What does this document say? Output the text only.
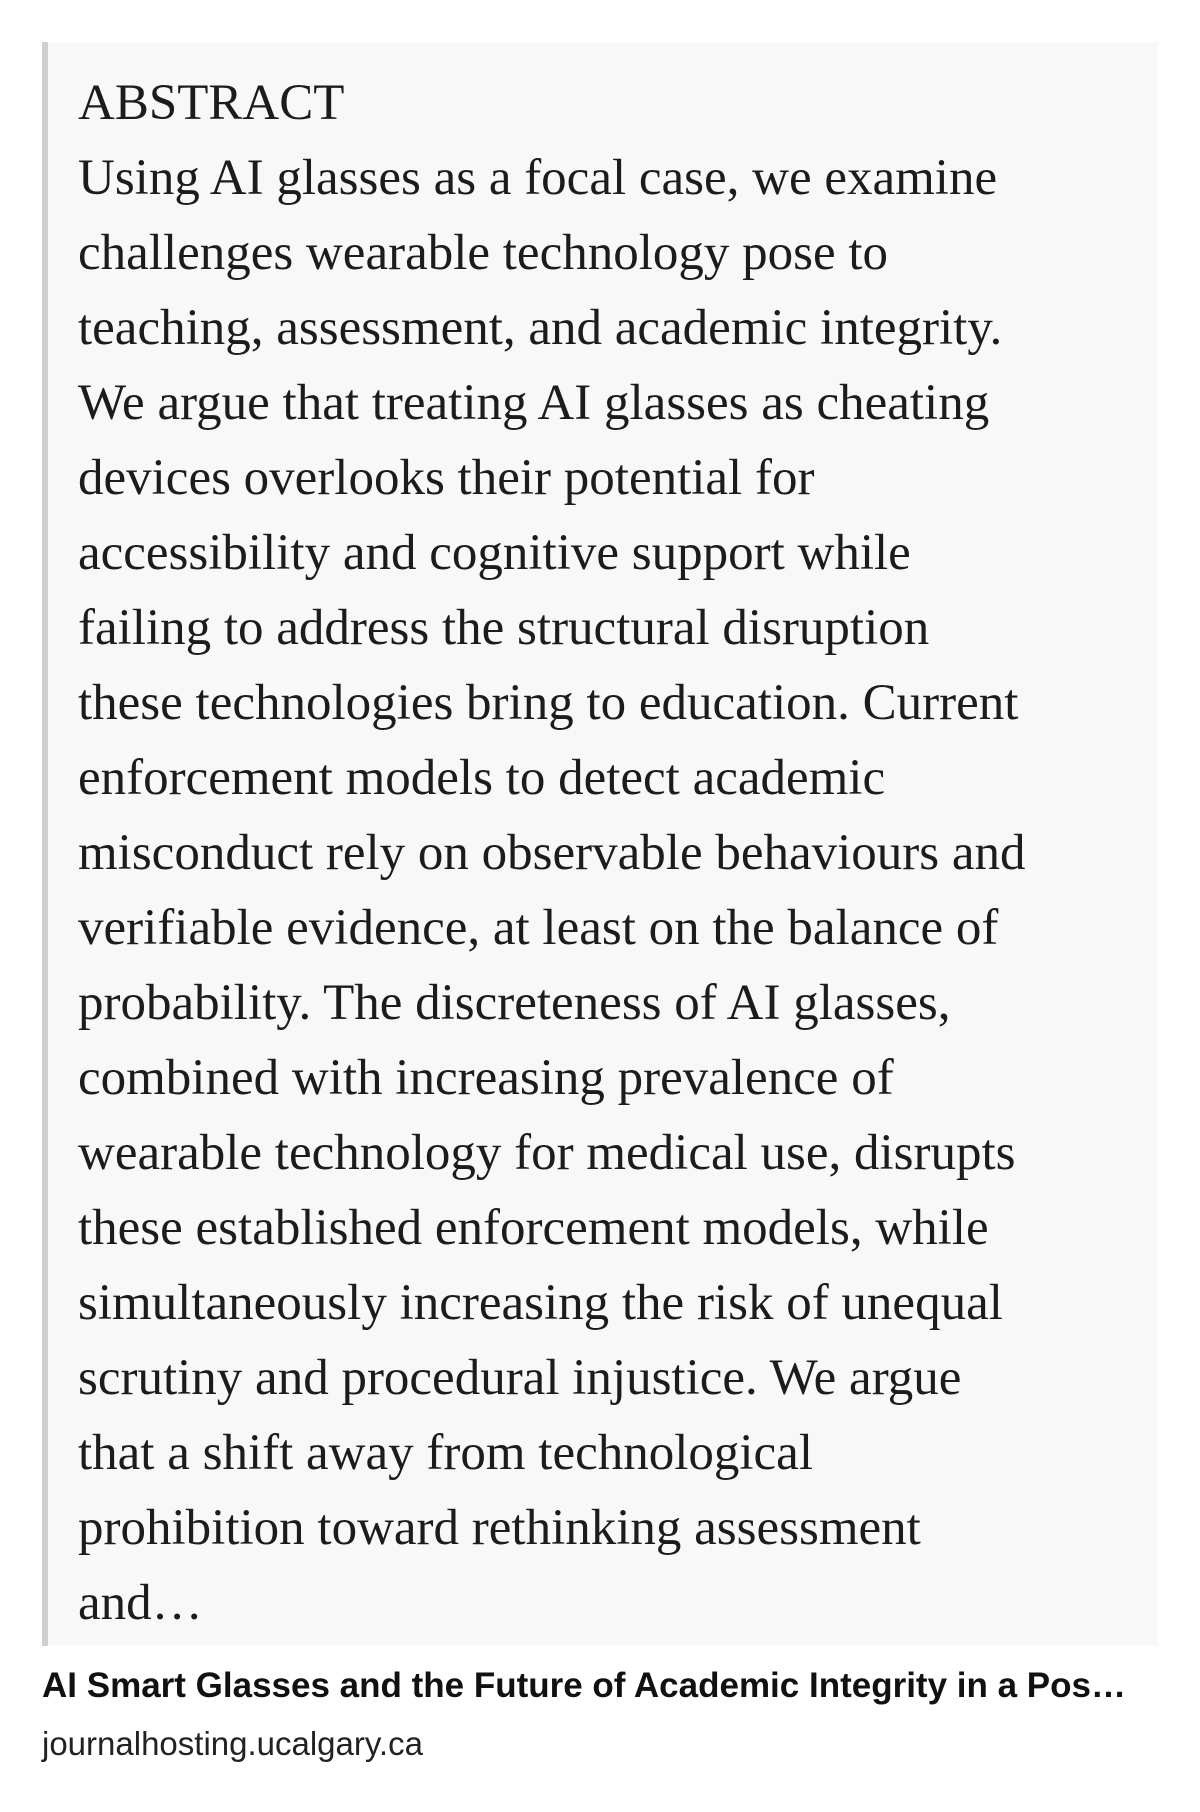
ABSTRACT
Using AI glasses as a focal case, we examine
challenges wearable technology pose to
teaching, assessment, and academic integrity.
We argue that treating AI glasses as cheating
devices overlooks their potential for
accessibility and cognitive support while
failing to address the structural disruption
these technologies bring to education. Current
enforcement models to detect academic
misconduct rely on observable behaviours and
verifiable evidence, at least on the balance of
probability. The discreteness of AI glasses,
combined with increasing prevalence of
wearable technology for medical use, disrupts
these established enforcement models, while
simultaneously increasing the risk of unequal
scrutiny and procedural injustice. We argue
that a shift away from technological
prohibition toward rethinking assessment
and…

AI Smart Glasses and the Future of Academic Integrity in a Pos…

journalhosting.ucalgary.ca
